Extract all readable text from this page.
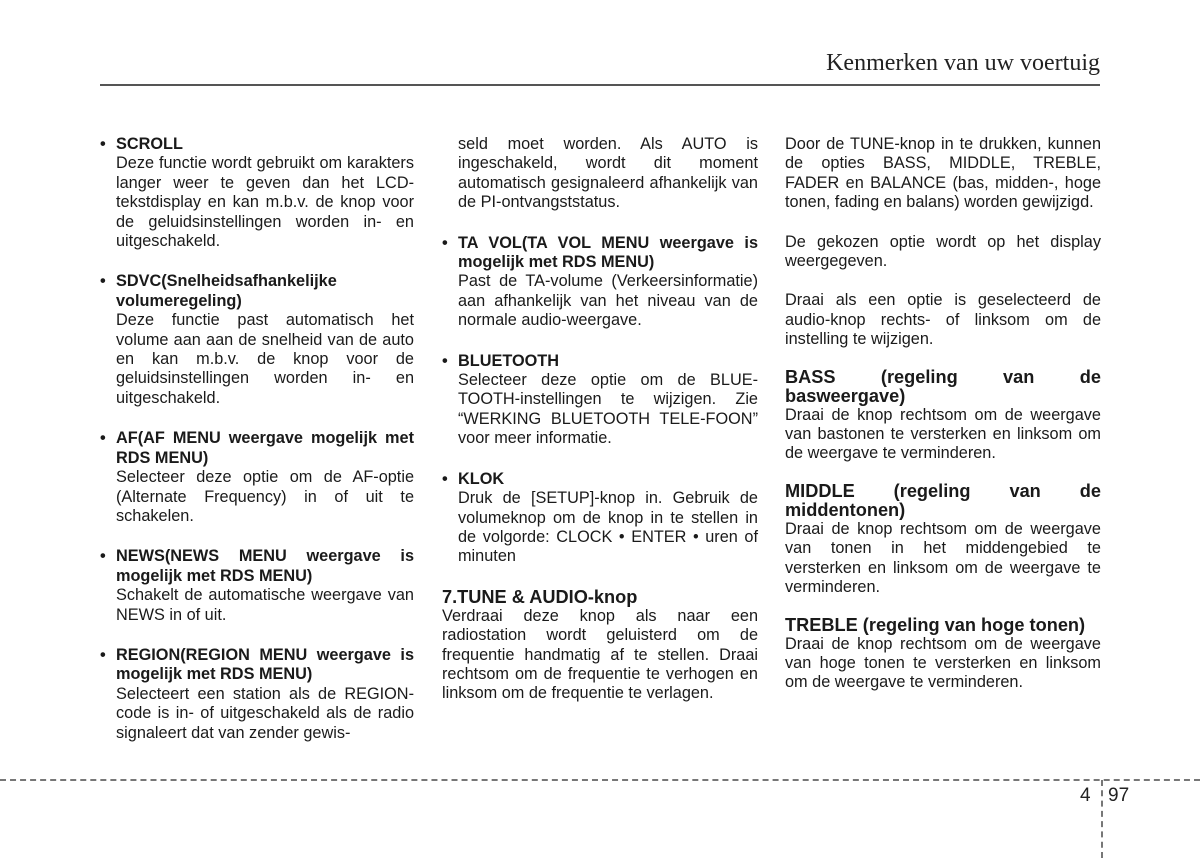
Kenmerken van uw voertuig
• SCROLL
Deze functie wordt gebruikt om karakters langer weer te geven dan het LCD-tekstdisplay en kan m.b.v. de knop voor de geluidsinstellingen worden in- en uitgeschakeld.
• SDVC(Snelheidsafhankelijke volumeregeling)
Deze functie past automatisch het volume aan aan de snelheid van de auto en kan m.b.v. de knop voor de geluidsinstellingen worden in- en uitgeschakeld.
• AF(AF MENU weergave mogelijk met RDS MENU)
Selecteer deze optie om de AF-optie (Alternate Frequency) in of uit te schakelen.
• NEWS(NEWS MENU weergave is mogelijk met RDS MENU)
Schakelt de automatische weergave van NEWS in of uit.
• REGION(REGION MENU weergave is mogelijk met RDS MENU)
Selecteert een station als de REGION-code is in- of uitgeschakeld als de radio signaleert dat van zender gewis-
seld moet worden. Als AUTO is ingeschakeld, wordt dit moment automatisch gesignaleerd afhankelijk van de PI-ontvangststatus.
• TA VOL(TA VOL MENU weergave is mogelijk met RDS MENU)
Past de TA-volume (Verkeersinformatie) aan afhankelijk van het niveau van de normale audio-weergave.
• BLUETOOTH
Selecteer deze optie om de BLUE-TOOTH-instellingen te wijzigen. Zie “WERKING BLUETOOTH TELE-FOON” voor meer informatie.
• KLOK
Druk de [SETUP]-knop in. Gebruik de volumeknop om de knop in te stellen in de volgorde: CLOCK • ENTER • uren of minuten
7.TUNE & AUDIO-knop
Verdraai deze knop als naar een radiostation wordt geluisterd om de frequentie handmatig af te stellen. Draai rechtsom om de frequentie te verhogen en linksom om de frequentie te verlagen.
Door de TUNE-knop in te drukken, kunnen de opties BASS, MIDDLE, TREBLE, FADER en BALANCE (bas, midden-, hoge tonen, fading en balans) worden gewijzigd.
De gekozen optie wordt op het display weergegeven.
Draai als een optie is geselecteerd de audio-knop rechts- of linksom om de instelling te wijzigen.
BASS (regeling van de basweergave)
Draai de knop rechtsom om de weergave van bastonen te versterken en linksom om de weergave te verminderen.
MIDDLE (regeling van de middentonen)
Draai de knop rechtsom om de weergave van tonen in het middengebied te versterken en linksom om de weergave te verminderen.
TREBLE (regeling van hoge tonen)
Draai de knop rechtsom om de weergave van hoge tonen te versterken en linksom om de weergave te verminderen.
4 97
